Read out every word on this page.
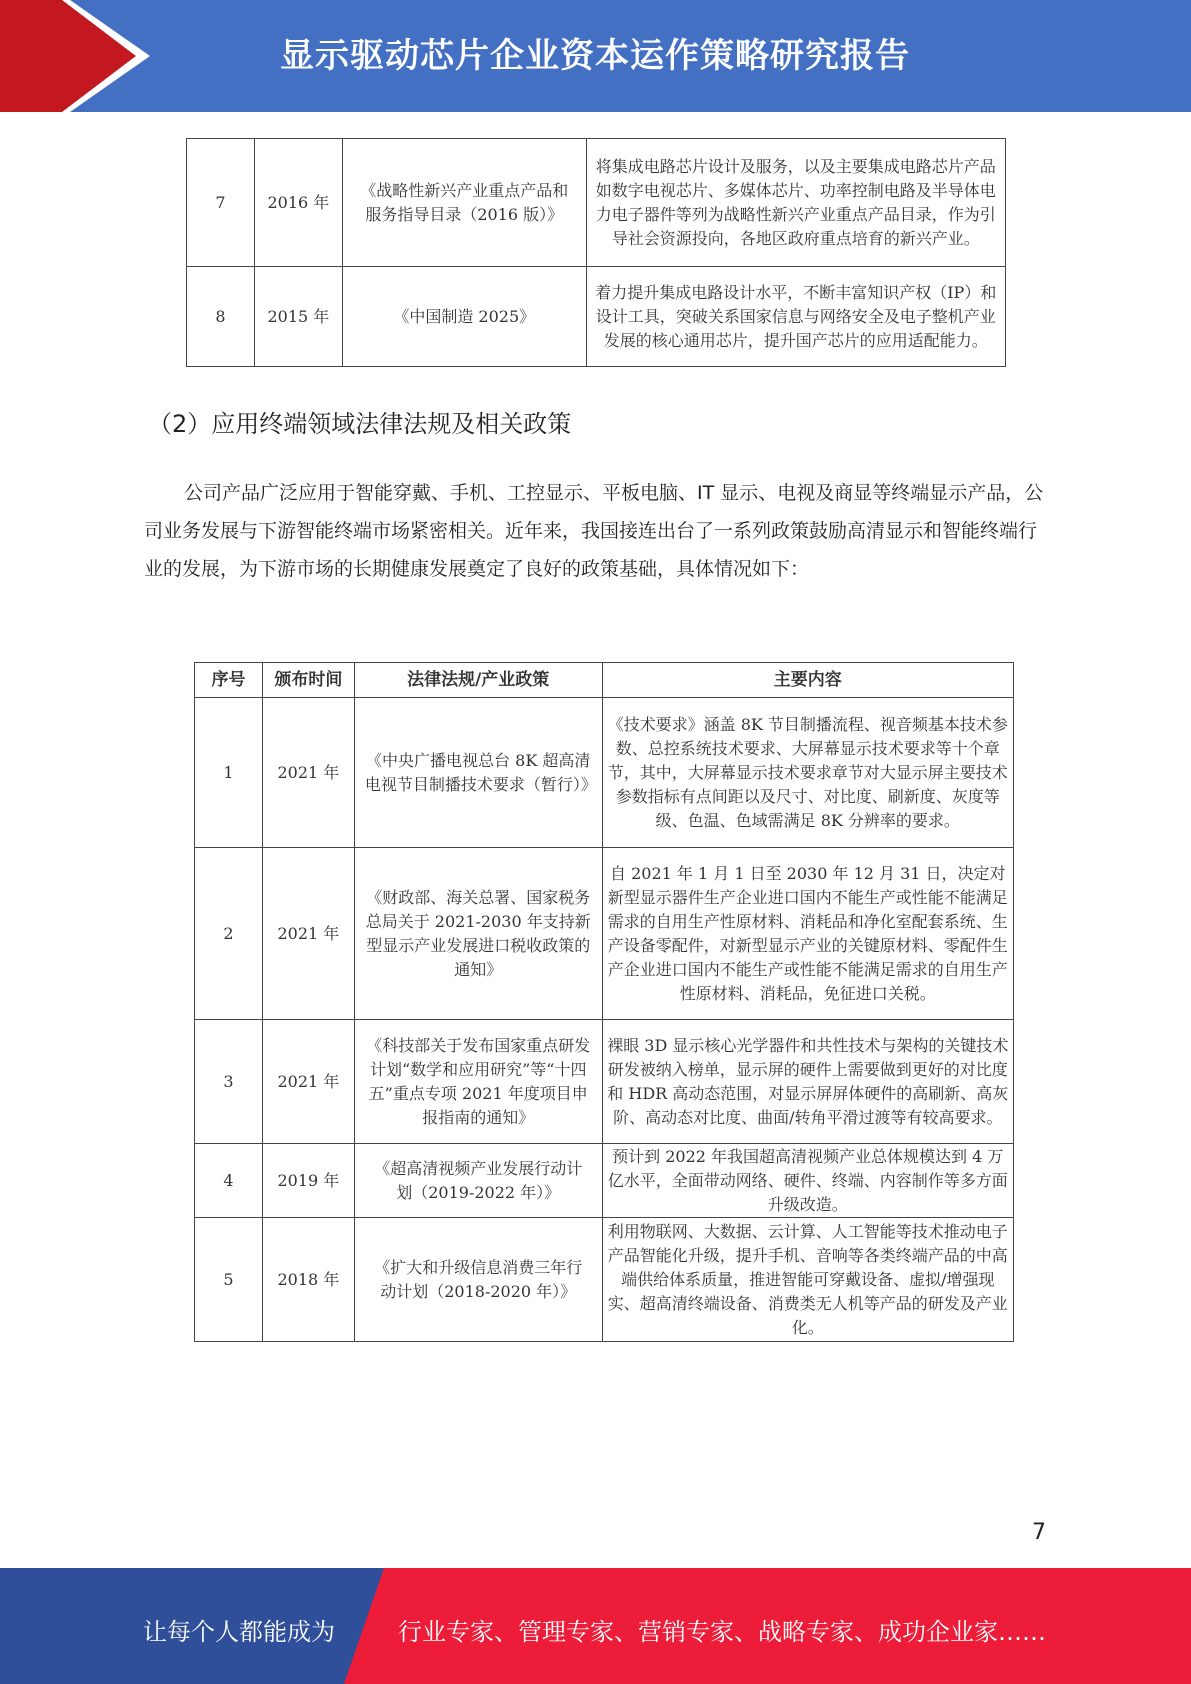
显示驱动芯片企业资本运作策略研究报告
7	2016 年	《战略性新兴产业重点产品和服务指导目录（2016 版）》	将集成电路芯片设计及服务，以及主要集成电路芯片产品如数字电视芯片、多媒体芯片、功率控制电路及半导体电力电子器件等列为战略性新兴产业重点产品目录，作为引导社会资源投向，各地区政府重点培育的新兴产业。
8	2015 年	《中国制造 2025》	着力提升集成电路设计水平，不断丰富知识产权（IP）和设计工具，突破关系国家信息与网络安全及电子整机产业发展的核心通用芯片，提升国产芯片的应用适配能力。
（2）应用终端领域法律法规及相关政策
公司产品广泛应用于智能穿戴、手机、工控显示、平板电脑、IT 显示、电视及商显等终端显示产品，公司业务发展与下游智能终端市场紧密相关。近年来，我国接连出台了一系列政策鼓励高清显示和智能终端行业的发展，为下游市场的长期健康发展奠定了良好的政策基础，具体情况如下：
序号	颁布时间	法律法规/产业政策	主要内容
1	2021 年	《中央广播电视总台 8K 超高清电视节目制播技术要求（暂行）》	《技术要求》涵盖 8K 节目制播流程、视音频基本技术参数、总控系统技术要求、大屏幕显示技术要求等十个章节，其中，大屏幕显示技术要求章节对大显示屏主要技术参数指标有点间距以及尺寸、对比度、刷新度、灰度等级、色温、色域需满足 8K 分辨率的要求。
2	2021 年	《财政部、海关总署、国家税务总局关于 2021-2030 年支持新型显示产业发展进口税收政策的通知》	自 2021 年 1 月 1 日至 2030 年 12 月 31 日，决定对新型显示器件生产企业进口国内不能生产或性能不能满足需求的自用生产性原材料、消耗品和净化室配套系统、生产设备零配件，对新型显示产业的关键原材料、零配件生产企业进口国内不能生产或性能不能满足需求的自用生产性原材料、消耗品，免征进口关税。
3	2021 年	《科技部关于发布国家重点研发计划“数学和应用研究”等“十四五”重点专项 2021 年度项目申报指南的通知》	裸眼 3D 显示核心光学器件和共性技术与架构的关键技术研发被纳入榜单，显示屏的硬件上需要做到更好的对比度和 HDR 高动态范围，对显示屏屏体硬件的高刷新、高灰阶、高动态对比度、曲面/转角平滑过渡等有较高要求。
4	2019 年	《超高清视频产业发展行动计划（2019-2022 年）》	预计到 2022 年我国超高清视频产业总体规模达到 4 万亿水平，全面带动网络、硬件、终端、内容制作等多方面升级改造。
5	2018 年	《扩大和升级信息消费三年行动计划（2018-2020 年）》	利用物联网、大数据、云计算、人工智能等技术推动电子产品智能化升级，提升手机、音响等各类终端产品的中高端供给体系质量，推进智能可穿戴设备、虚拟/增强现实、超高清终端设备、消费类无人机等产品的研发及产业化。
7
让每个人都能成为	行业专家、管理专家、营销专家、战略专家、成功企业家……
